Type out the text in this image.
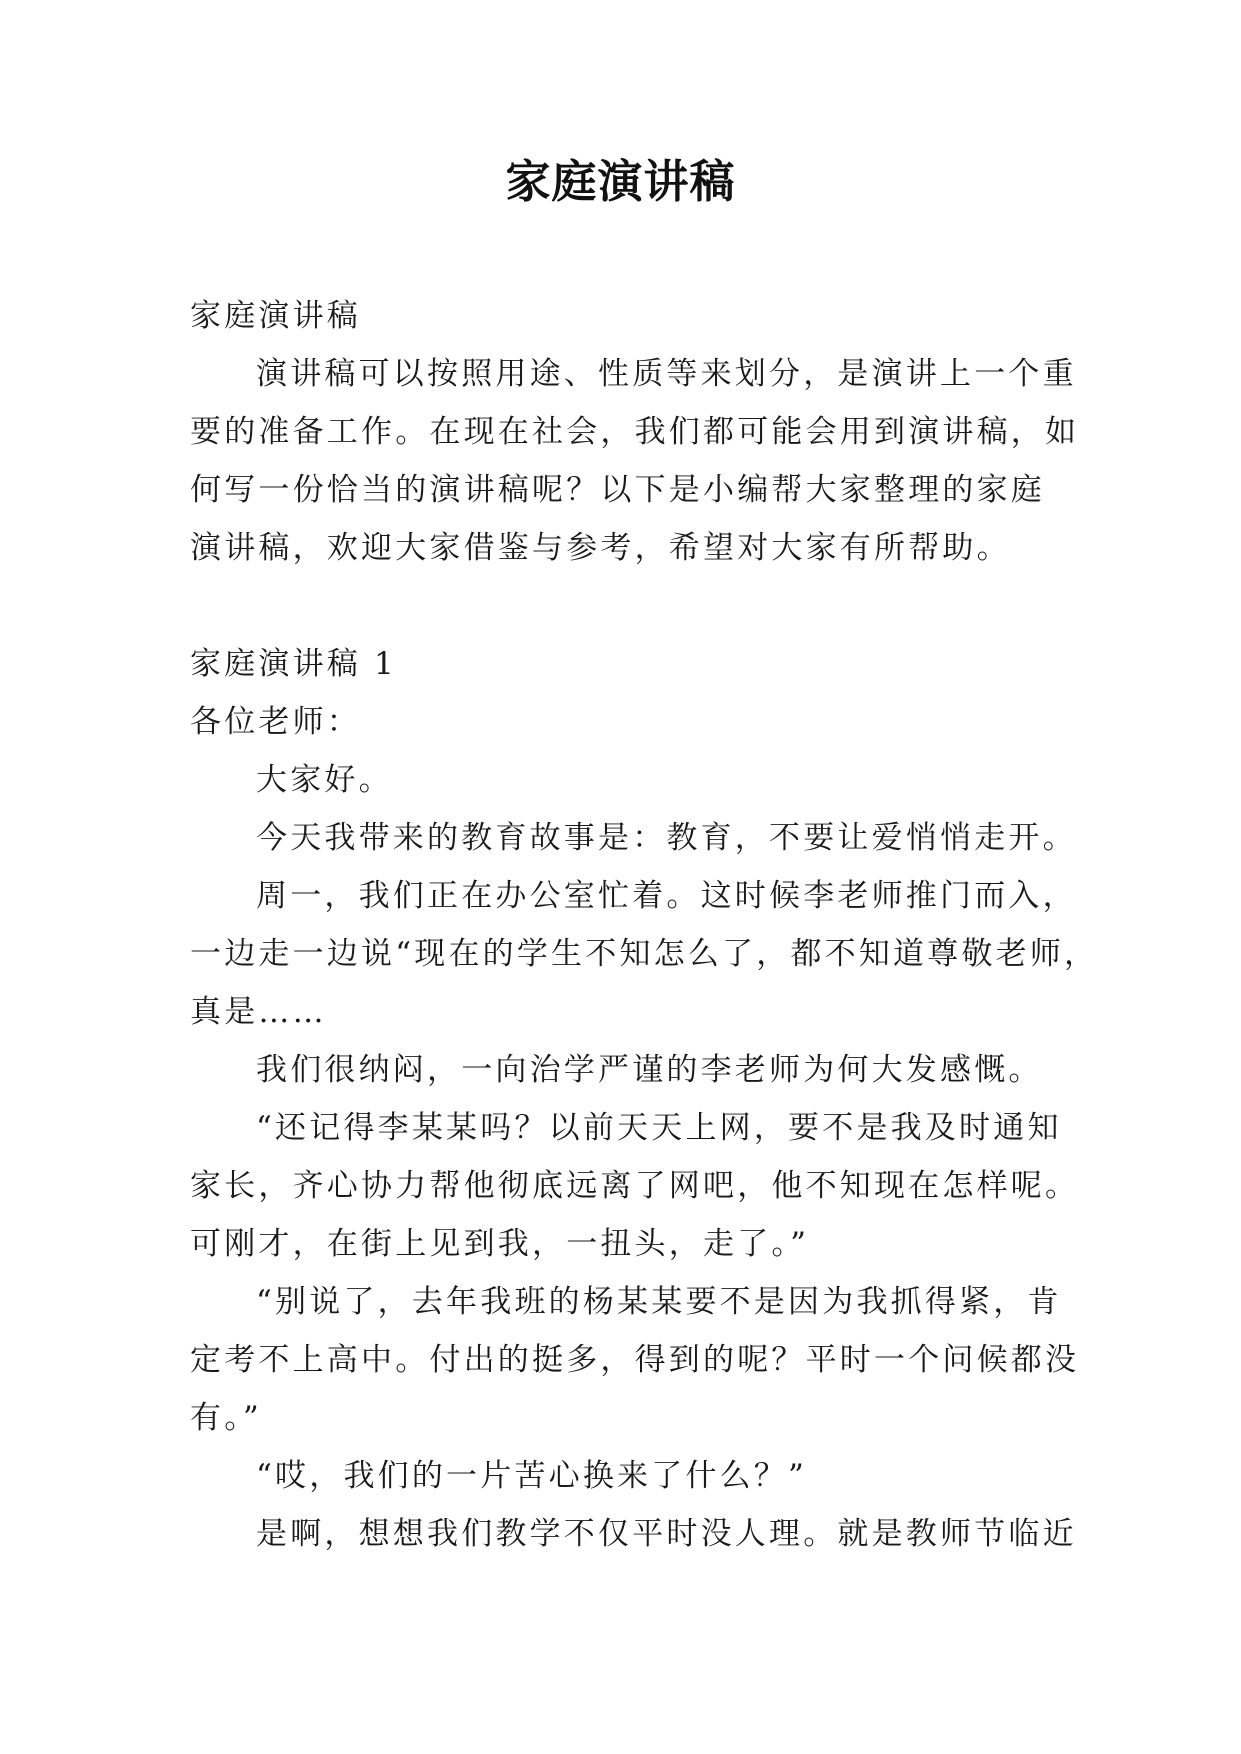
家庭演讲稿
家庭演讲稿
演讲稿可以按照用途、性质等来划分，是演讲上一个重
要的准备工作。在现在社会，我们都可能会用到演讲稿，如
何写一份恰当的演讲稿呢？以下是小编帮大家整理的家庭
演讲稿，欢迎大家借鉴与参考，希望对大家有所帮助。
家庭演讲稿 1
各位老师：
大家好。
今天我带来的教育故事是：教育，不要让爱悄悄走开。
周一，我们正在办公室忙着。这时候李老师推门而入，
一边走一边说“现在的学生不知怎么了，都不知道尊敬老师，
真是……
我们很纳闷，一向治学严谨的李老师为何大发感慨。
“还记得李某某吗？以前天天上网，要不是我及时通知
家长，齐心协力帮他彻底远离了网吧，他不知现在怎样呢。
可刚才，在街上见到我，一扭头，走了。”
“别说了，去年我班的杨某某要不是因为我抓得紧，肯
定考不上高中。付出的挺多，得到的呢？平时一个问候都没
有。”
“哎，我们的一片苦心换来了什么？”
是啊，想想我们教学不仅平时没人理。就是教师节临近
